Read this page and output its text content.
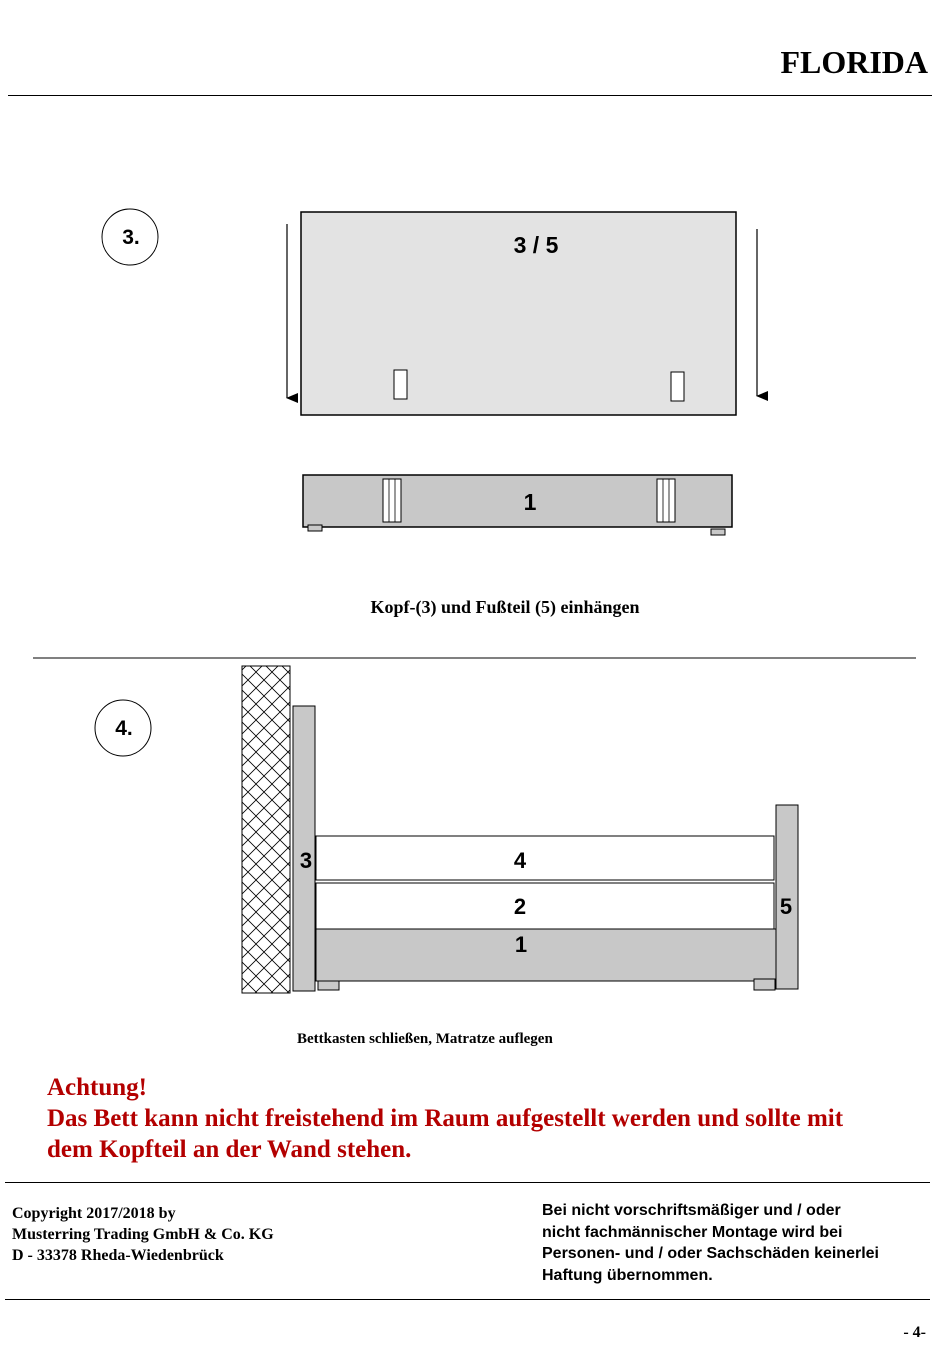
FLORIDA
3.	3 / 5
1
4.
3
5
4
2
1
Kopf-(3) und Fußteil (5) einhängen
Bettkasten schließen, Matratze auflegen
Achtung!
Das Bett kann nicht freistehend im Raum aufgestellt werden und sollte mit
dem Kopfteil an der Wand stehen.
Copyright 2017/2018 by
Musterring Trading GmbH & Co. KG
D - 33378 Rheda-Wiedenbrück
Bei nicht vorschriftsmäßiger und / oder
nicht fachmännischer Montage wird bei
Personen- und / oder Sachschäden keinerlei
Haftung übernommen.
- 4-
